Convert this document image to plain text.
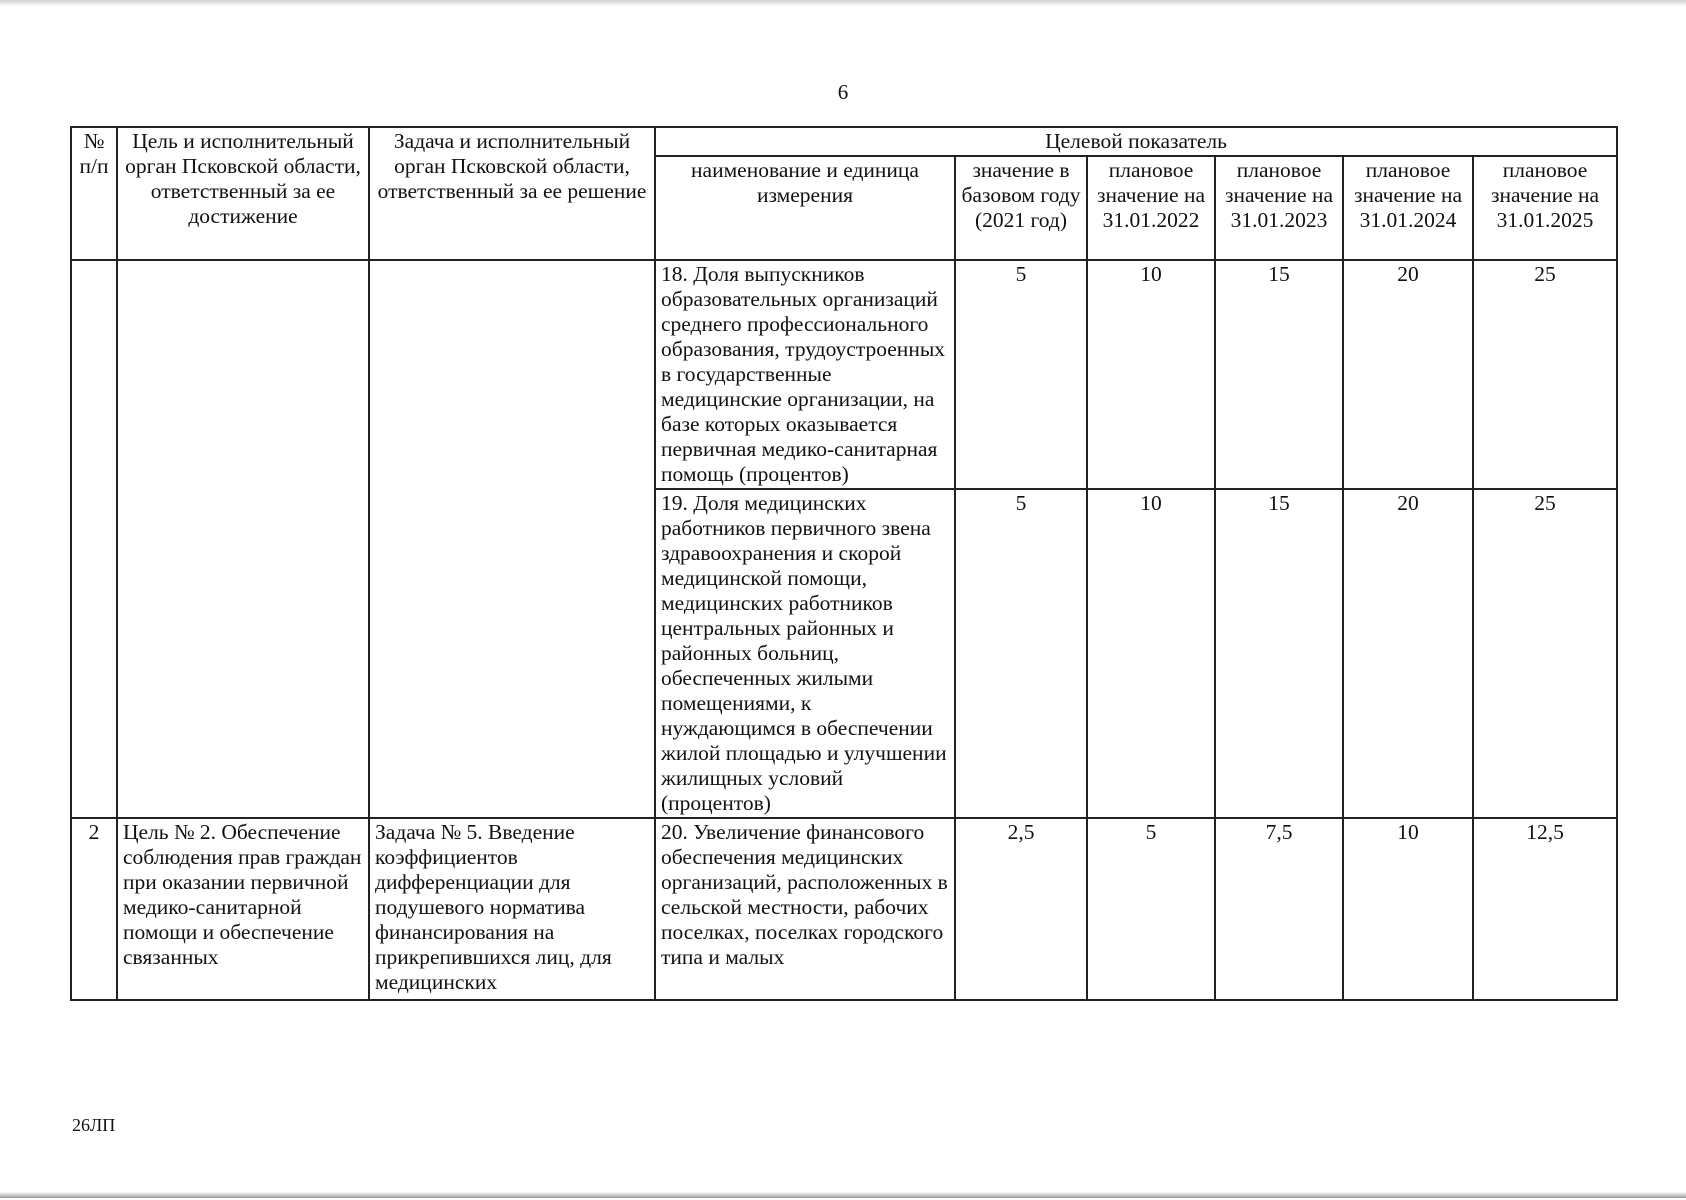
6
№ п/п	Цель и исполнительный орган Псковской области, ответственный за ее достижение	Задача и исполнительный орган Псковской области, ответственный за ее решение	Целевой показатель					
			наименование и единица измерения	значение в базовом году (2021 год)	плановое значение на 31.01.2022	плановое значение на 31.01.2023	плановое значение на 31.01.2024	плановое значение на 31.01.2025
			18. Доля выпускников образовательных организаций среднего профессионального образования, трудоустроенных в государственные медицинские организации, на базе которых оказывается первичная медико-санитарная помощь (процентов)	5	10	15	20	25
			19. Доля медицинских работников первичного звена здравоохранения и скорой медицинской помощи, медицинских работников центральных районных и районных больниц, обеспеченных жилыми помещениями, к нуждающимся в обеспечении жилой площадью и улучшении жилищных условий (процентов)	5	10	15	20	25
2	Цель № 2. Обеспечение соблюдения прав граждан при оказании первичной медико-санитарной помощи и обеспечение связанных	Задача № 5. Введение коэффициентов дифференциации для подушевого норматива финансирования на прикрепившихся лиц, для медицинских	20. Увеличение финансового обеспечения медицинских организаций, расположенных в сельской местности, рабочих поселках, поселках городского типа и малых	2,5	5	7,5	10	12,5
26ЛП
